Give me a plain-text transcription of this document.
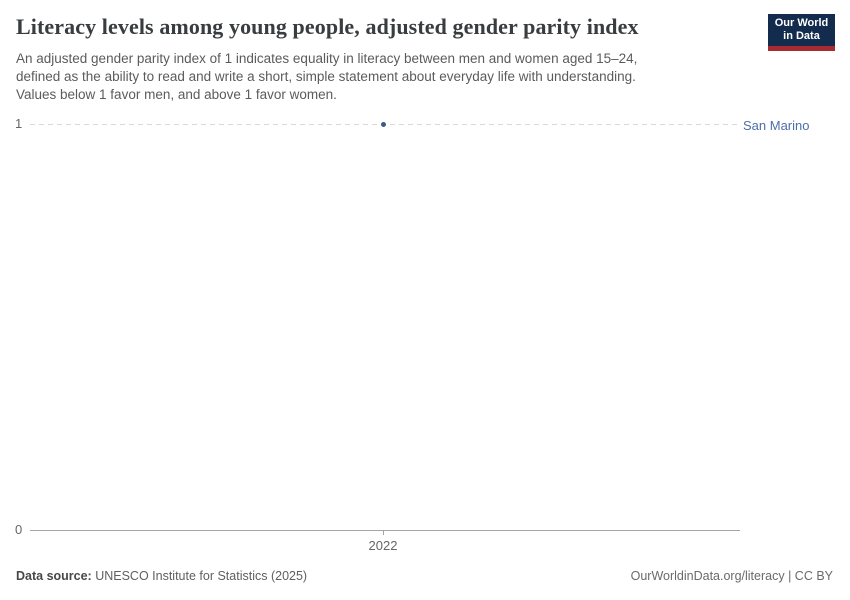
Literacy levels among young people, adjusted gender parity index	Our World
in Data
An adjusted gender parity index of 1 indicates equality in literacy between men and women aged 15–24,
defined as the ability to read and write a short, simple statement about everyday life with understanding.
Values below 1 favor men, and above 1 favor women.
1	San Marino
0
2022
Data source: UNESCO Institute for Statistics (2025)	OurWorldinData.org/literacy | CC BY
